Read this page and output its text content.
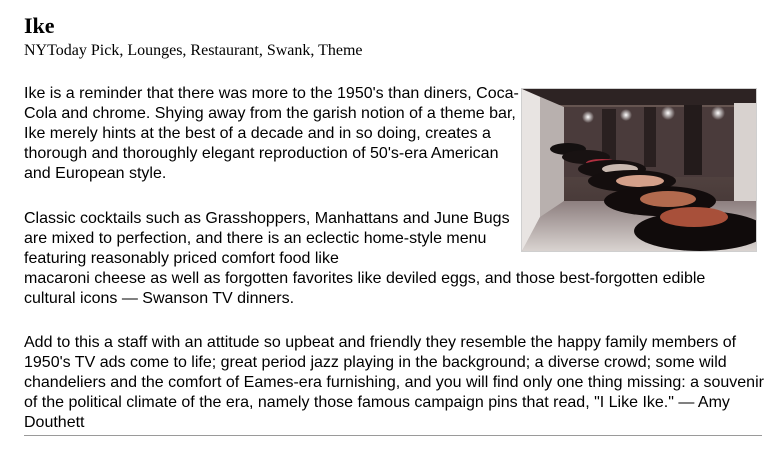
Ike

NYToday Pick, Lounges, Restaurant, Swank, Theme

Ike is a reminder that there was more to the 1950's than diners, Coca-Cola and chrome. Shying away from the garish notion of a theme bar, Ike merely hints at the best of a decade and in so doing, creates a thorough and thoroughly elegant reproduction of 50's-era American and European style.

Classic cocktails such as Grasshoppers, Manhattans and June Bugs are mixed to perfection, and there is an eclectic home-style menu featuring reasonably priced comfort food like

macaroni cheese as well as forgotten favorites like deviled eggs, and those best-forgotten edible cultural icons — Swanson TV dinners.

Add to this a staff with an attitude so upbeat and friendly they resemble the happy family members of 1950's TV ads come to life; great period jazz playing in the background; a diverse crowd; some wild chandeliers and the comfort of Eames-era furnishing, and you will find only one thing missing: a souvenir of the political climate of the era, namely those famous campaign pins that read, "I Like Ike." — Amy Douthett
